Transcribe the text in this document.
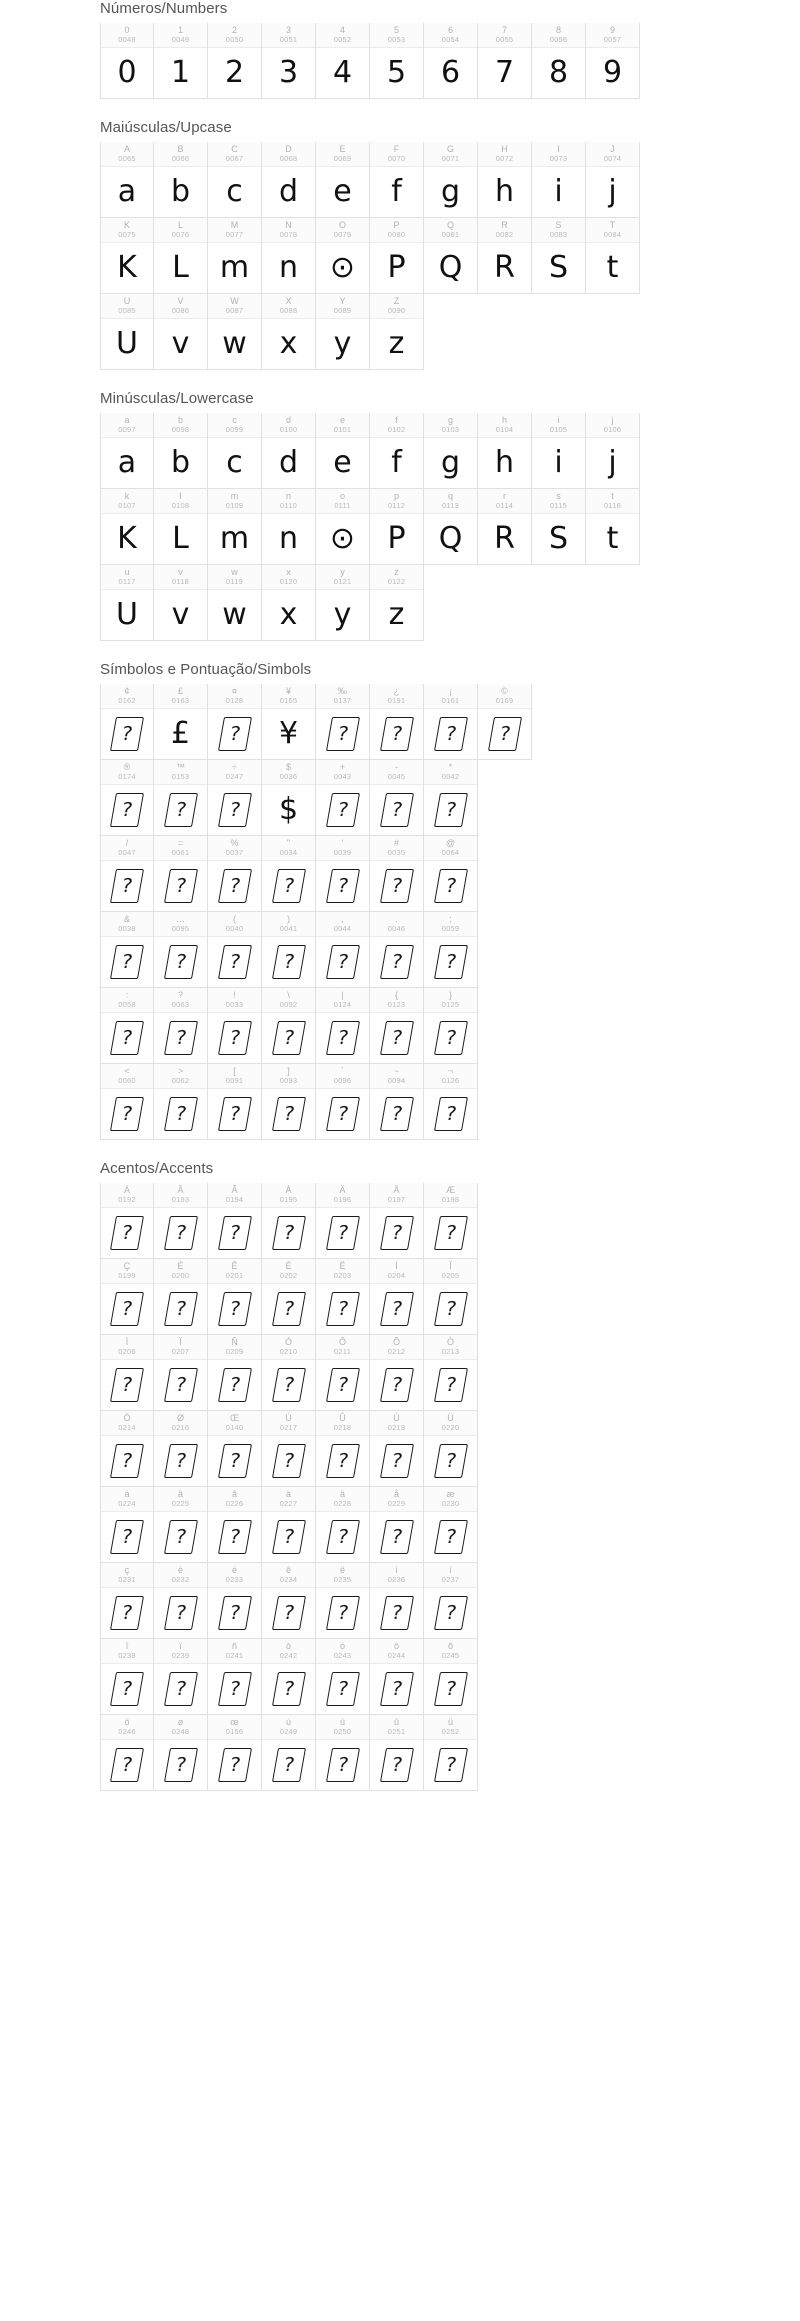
Números/Numbers
0
0048
0
1
0049
1
2
0050
2
3
0051
3
4
0052
4
5
0053
5
6
0054
6
7
0055
7
8
0056
8
9
0057
9
Maiúsculas/Upcase
A
0065
a
B
0066
b
C
0067
c
D
0068
d
E
0069
e
F
0070
f
G
0071
g
H
0072
h
I
0073
i
J
0074
j
K
0075
K
L
0076
L
M
0077
m
N
0078
n
O
0079
⊙
P
0080
P
Q
0081
Q
R
0082
R
S
0083
S
T
0084
t
U
0085
U
V
0086
v
W
0087
w
X
0088
x
Y
0089
y
Z
0090
z
Minúsculas/Lowercase
a
0097
a
b
0098
b
c
0099
c
d
0100
d
e
0101
e
f
0102
f
g
0103
g
h
0104
h
i
0105
i
j
0106
j
k
0107
K
l
0108
L
m
0109
m
n
0110
n
o
0111
⊙
p
0112
P
q
0113
Q
r
0114
R
s
0115
S
t
0116
t
u
0117
U
v
0118
v
w
0119
w
x
0120
x
y
0121
y
z
0122
z
Símbolos e Pontuação/Simbols
¢
0162
?
£
0163
£
¤
0128
?
¥
0165
¥
‰
0137
?
¿
0191
?
¡
0161
?
©
0169
?
®
0174
?
™
0153
?
÷
0247
?
$
0036
$
+
0043
?
-
0045
?
*
0042
?
/
0047
?
=
0061
?
%
0037
?
"
0034
?
'
0039
?
#
0035
?
@
0064
?
&
0038
?
…
0095
?
(
0040
?
)
0041
?
,
0044
?
.
0046
?
;
0059
?
:
0058
?
?
0063
?
!
0033
?
\
0092
?
|
0124
?
{
0123
?
}
0125
?
<
0060
?
>
0062
?
[
0091
?
]
0093
?
`
0096
?
~
0094
?
¬
0126
?
Acentos/Accents
Á
0192
?
Â
0193
?
Ã
0194
?
À
0195
?
Ä
0196
?
Å
0197
?
Æ
0198
?
Ç
0199
?
É
0200
?
Ê
0201
?
È
0202
?
Ë
0203
?
Í
0204
?
Î
0205
?
Ì
0206
?
Ï
0207
?
Ñ
0209
?
Ó
0210
?
Ô
0211
?
Õ
0212
?
Ò
0213
?
Ö
0214
?
Ø
0216
?
Œ
0140
?
Ú
0217
?
Û
0218
?
Ù
0219
?
Ü
0220
?
á
0224
?
â
0225
?
ã
0226
?
à
0227
?
ä
0228
?
å
0229
?
æ
0230
?
ç
0231
?
è
0232
?
é
0233
?
ê
0234
?
ë
0235
?
ì
0236
?
í
0237
?
î
0238
?
ï
0239
?
ñ
0241
?
ò
0242
?
ó
0243
?
ô
0244
?
õ
0245
?
ö
0246
?
ø
0248
?
œ
0156
?
ù
0249
?
ú
0250
?
û
0251
?
ü
0252
?
